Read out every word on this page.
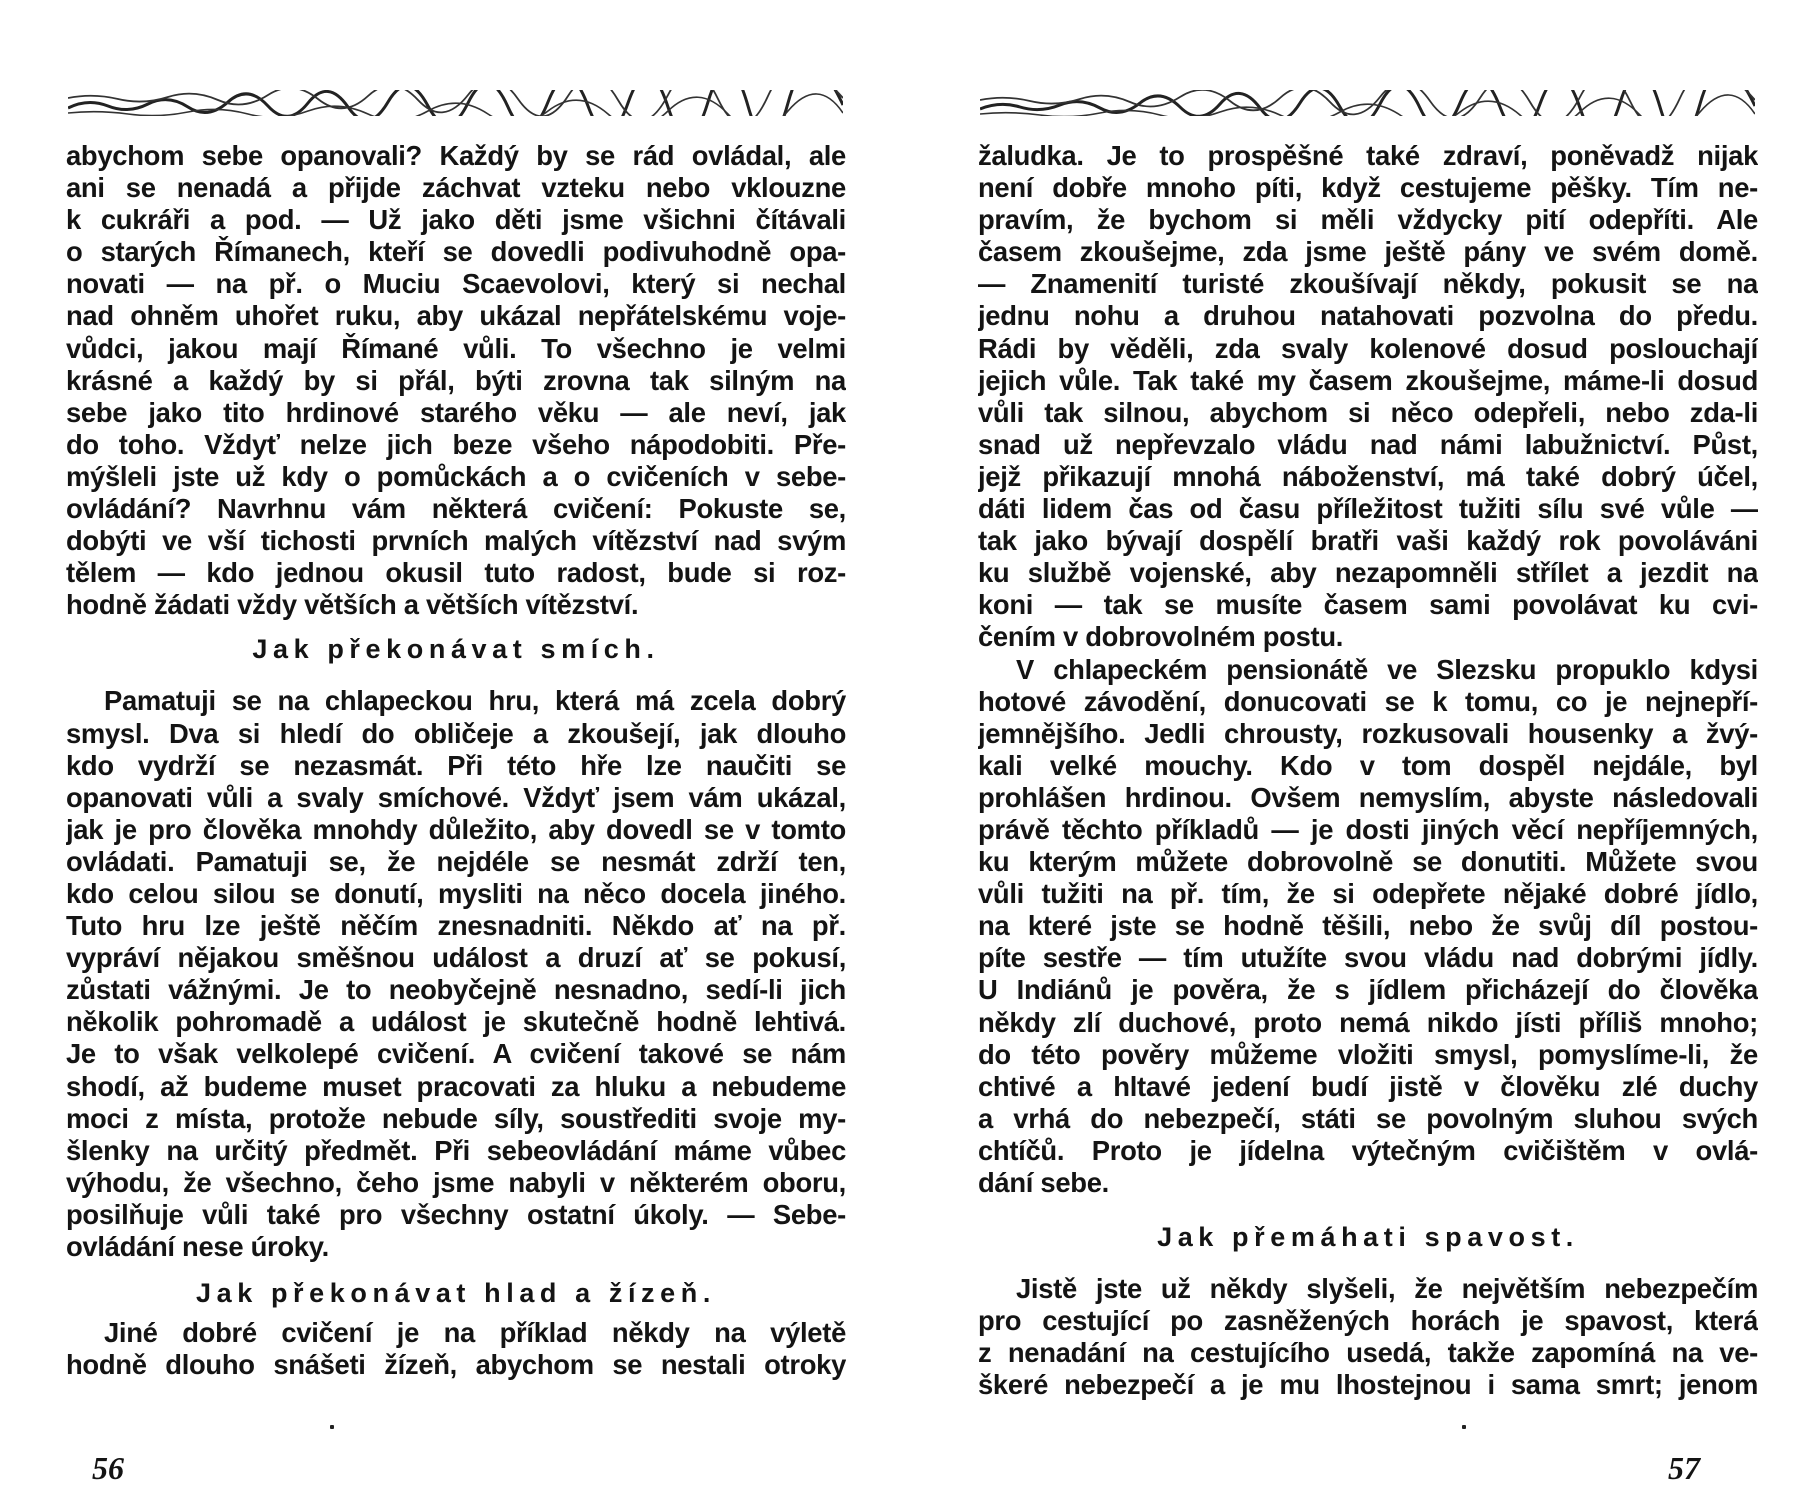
abychom sebe opanovali? Každý by se rád ovládal, ale
ani se nenadá a přijde záchvat vzteku nebo vklouzne
k cukráři a pod. — Už jako děti jsme všichni čítávali
o starých Římanech, kteří se dovedli podivuhodně opa-
novati — na př. o Muciu Scaevolovi, který si nechal
nad ohněm uhořet ruku, aby ukázal nepřátelskému voje-
vůdci, jakou mají Římané vůli. To všechno je velmi
krásné a každý by si přál, býti zrovna tak silným na
sebe jako tito hrdinové starého věku — ale neví, jak
do toho. Vždyť nelze jich beze všeho nápodobiti. Pře-
mýšleli jste už kdy o pomůckách a o cvičeních v sebe-
ovládání? Navrhnu vám některá cvičení: Pokuste se,
dobýti ve vší tichosti prvních malých vítězství nad svým
tělem — kdo jednou okusil tuto radost, bude si roz-
hodně žádati vždy větších a větších vítězství.

Jak překonávat smích.

Pamatuji se na chlapeckou hru, která má zcela dobrý
smysl. Dva si hledí do obličeje a zkoušejí, jak dlouho
kdo vydrží se nezasmát. Při této hře lze naučiti se
opanovati vůli a svaly smíchové. Vždyť jsem vám ukázal,
jak je pro člověka mnohdy důležito, aby dovedl se v tomto
ovládati. Pamatuji se, že nejdéle se nesmát zdrží ten,
kdo celou silou se donutí, mysliti na něco docela jiného.
Tuto hru lze ještě něčím znesnadniti. Někdo ať na př.
vypráví nějakou směšnou událost a druzí ať se pokusí,
zůstati vážnými. Je to neobyčejně nesnadno, sedí-li jich
několik pohromadě a událost je skutečně hodně lehtivá.
Je to však velkolepé cvičení. A cvičení takové se nám
shodí, až budeme muset pracovati za hluku a nebudeme
moci z místa, protože nebude síly, soustřediti svoje my-
šlenky na určitý předmět. Při sebeovládání máme vůbec
výhodu, že všechno, čeho jsme nabyli v některém oboru,
posilňuje vůli také pro všechny ostatní úkoly. — Sebe-
ovládání nese úroky.

Jak překonávat hlad a žízeň.

Jiné dobré cvičení je na příklad někdy na výletě
hodně dlouho snášeti žízeň, abychom se nestali otroky

56

žaludka. Je to prospěšné také zdraví, poněvadž nijak
není dobře mnoho píti, když cestujeme pěšky. Tím ne-
pravím, že bychom si měli vždycky pití odepříti. Ale
časem zkoušejme, zda jsme ještě pány ve svém domě.
— Znamenití turisté zkoušívají někdy, pokusit se na
jednu nohu a druhou natahovati pozvolna do předu.
Rádi by věděli, zda svaly kolenové dosud poslouchají
jejich vůle. Tak také my časem zkoušejme, máme-li dosud
vůli tak silnou, abychom si něco odepřeli, nebo zda-li
snad už nepřevzalo vládu nad námi labužnictví. Půst,
jejž přikazují mnohá náboženství, má také dobrý účel,
dáti lidem čas od času příležitost tužiti sílu své vůle —
tak jako bývají dospělí bratři vaši každý rok povoláváni
ku službě vojenské, aby nezapomněli střílet a jezdit na
koni — tak se musíte časem sami povolávat ku cvi-
čením v dobrovolném postu.

V chlapeckém pensionátě ve Slezsku propuklo kdysi
hotové závodění, donucovati se k tomu, co je nejnepří-
jemnějšího. Jedli chrousty, rozkusovali housenky a žvý-
kali velké mouchy. Kdo v tom dospěl nejdále, byl
prohlášen hrdinou. Ovšem nemyslím, abyste následovali
právě těchto příkladů — je dosti jiných věcí nepříjemných,
ku kterým můžete dobrovolně se donutiti. Můžete svou
vůli tužiti na př. tím, že si odepřete nějaké dobré jídlo,
na které jste se hodně těšili, nebo že svůj díl postou-
píte sestře — tím utužíte svou vládu nad dobrými jídly.
U Indiánů je pověra, že s jídlem přicházejí do člověka
někdy zlí duchové, proto nemá nikdo jísti příliš mnoho;
do této pověry můžeme vložiti smysl, pomyslíme-li, že
chtivé a hltavé jedení budí jistě v člověku zlé duchy
a vrhá do nebezpečí, státi se povolným sluhou svých
chtíčů. Proto je jídelna výtečným cvičištěm v ovlá-
dání sebe.

Jak přemáhati spavost.

Jistě jste už někdy slyšeli, že největším nebezpečím
pro cestující po zasněžených horách je spavost, která
z nenadání na cestujícího usedá, takže zapomíná na ve-
škeré nebezpečí a je mu lhostejnou i sama smrt; jenom

57
